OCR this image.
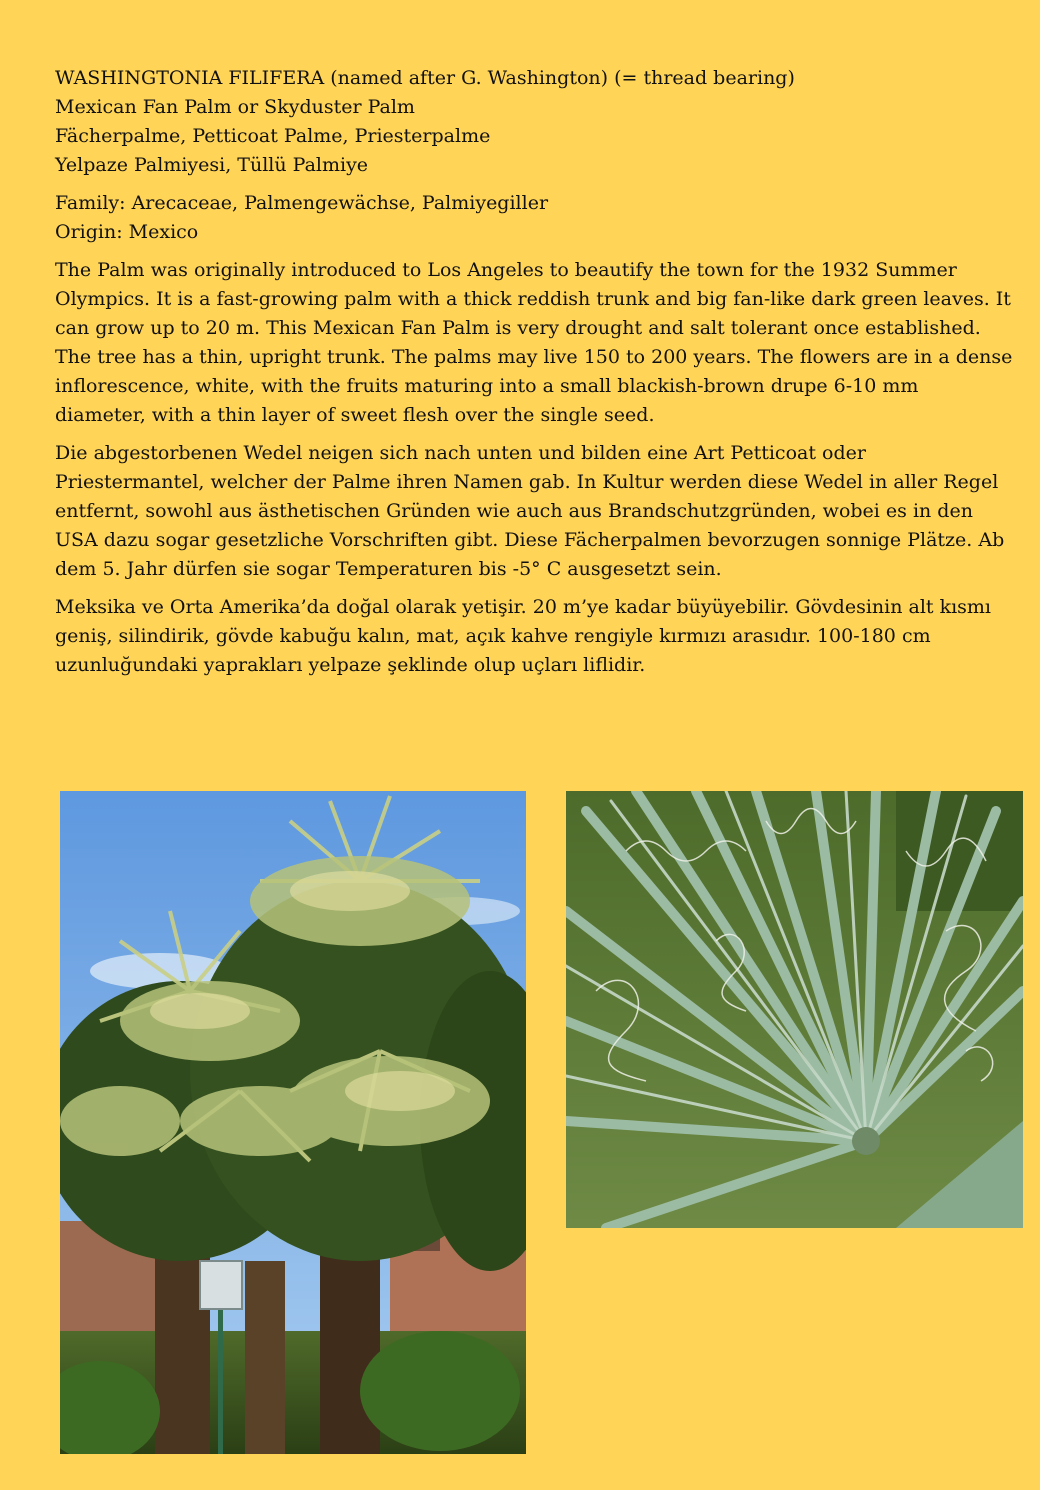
WASHINGTONIA FILIFERA (named after G. Washington) (= thread bearing)
Mexican Fan Palm or Skyduster Palm
Fächerpalme, Petticoat Palme, Priesterpalme
Yelpaze Palmiyesi, Tüllü Palmiye

Family: Arecaceae, Palmengewächse, Palmiyegiller
Origin: Mexico

The Palm was originally introduced to Los Angeles to beautify the town for the 1932 Summer Olympics. It is a fast-growing palm with a thick reddish trunk and big fan-like dark green leaves. It can grow up to 20 m. This Mexican Fan Palm is very drought and salt tolerant once established. The tree has a thin, upright trunk. The palms may live 150 to 200 years. The flowers are in a dense inflorescence, white, with the fruits maturing into a small blackish-brown drupe 6-10 mm diameter, with a thin layer of sweet flesh over the single seed.

Die abgestorbenen Wedel neigen sich nach unten und bilden eine Art Petticoat oder Priestermantel, welcher der Palme ihren Namen gab. In Kultur werden diese Wedel in aller Regel entfernt, sowohl aus ästhetischen Gründen wie auch aus Brandschutzgründen, wobei es in den USA dazu sogar gesetzliche Vorschriften gibt. Diese Fächerpalmen bevorzugen sonnige Plätze. Ab dem 5. Jahr dürfen sie sogar Temperaturen bis -5° C ausgesetzt sein.

Meksika ve Orta Amerika’da doğal olarak yetişir. 20 m’ye kadar büyüyebilir. Gövdesinin alt kısmı geniş, silindirik, gövde kabuğu kalın, mat, açık kahve rengiyle kırmızı arasıdır. 100-180 cm uzunluğundaki yaprakları yelpaze şeklinde olup uçları liflidir.
